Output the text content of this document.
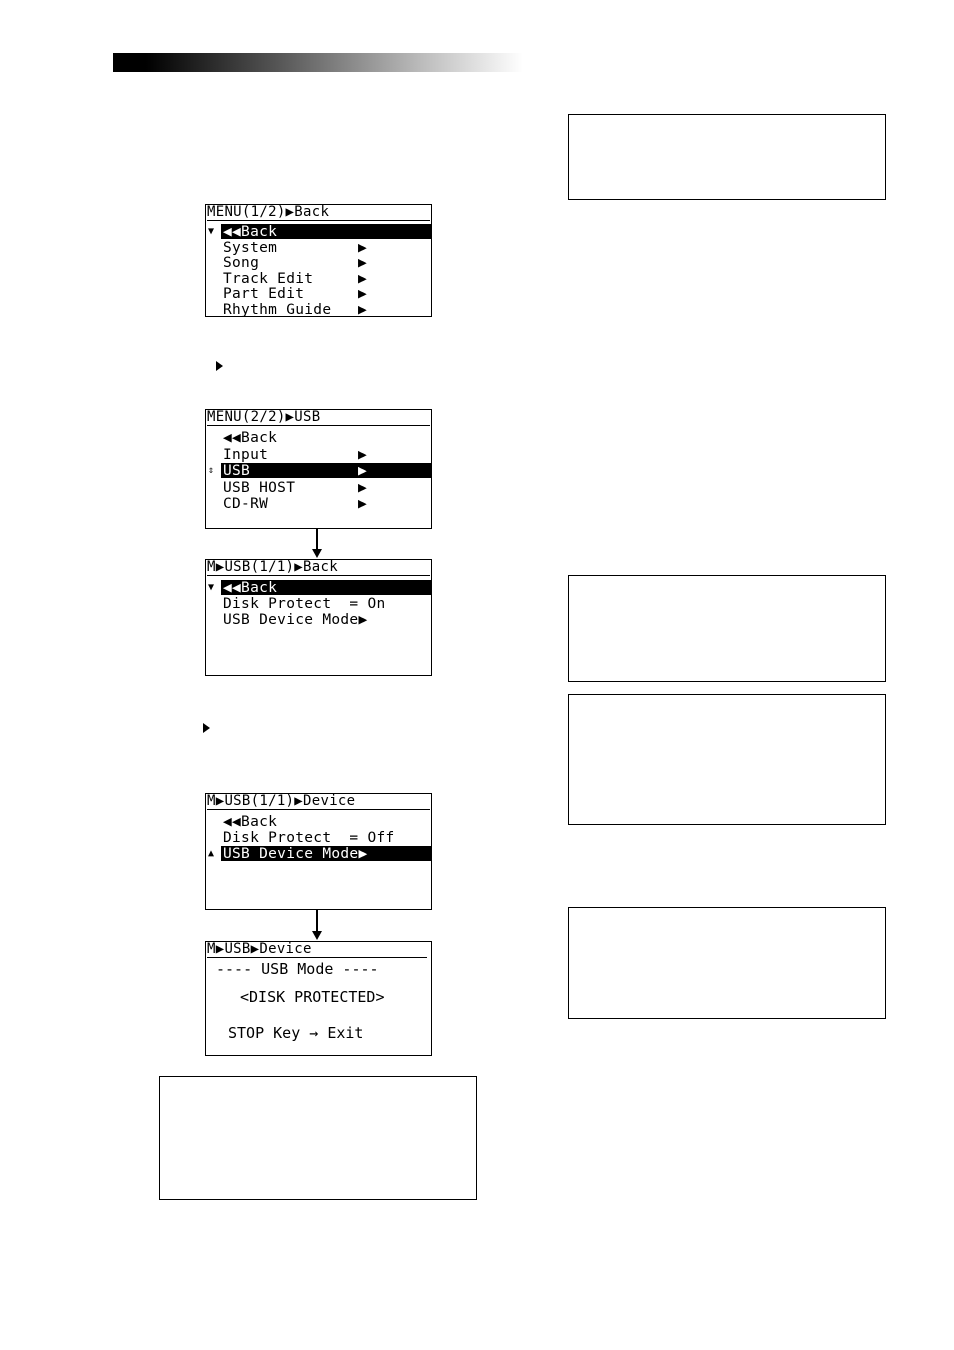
MENU(1/2)▶Back
▼ ◀◀Back
System	▶
Song	▶
Track Edit	▶
Part Edit	▶
Rhythm Guide ▶
MENU(2/2)▶USB
◀◀Back
Input	▶
⇕ USB	▶
USB HOST	▶
CD-RW	▶
M▶USB(1/1)▶Back
▼ ◀◀Back
Disk Protect  = On
USB Device Mode▶
M▶USB(1/1)▶Device
◀◀Back
Disk Protect  = Off
▲ USB Device Mode▶
M▶USB▶Device
---- USB Mode ----
<DISK PROTECTED>
STOP Key → Exit
